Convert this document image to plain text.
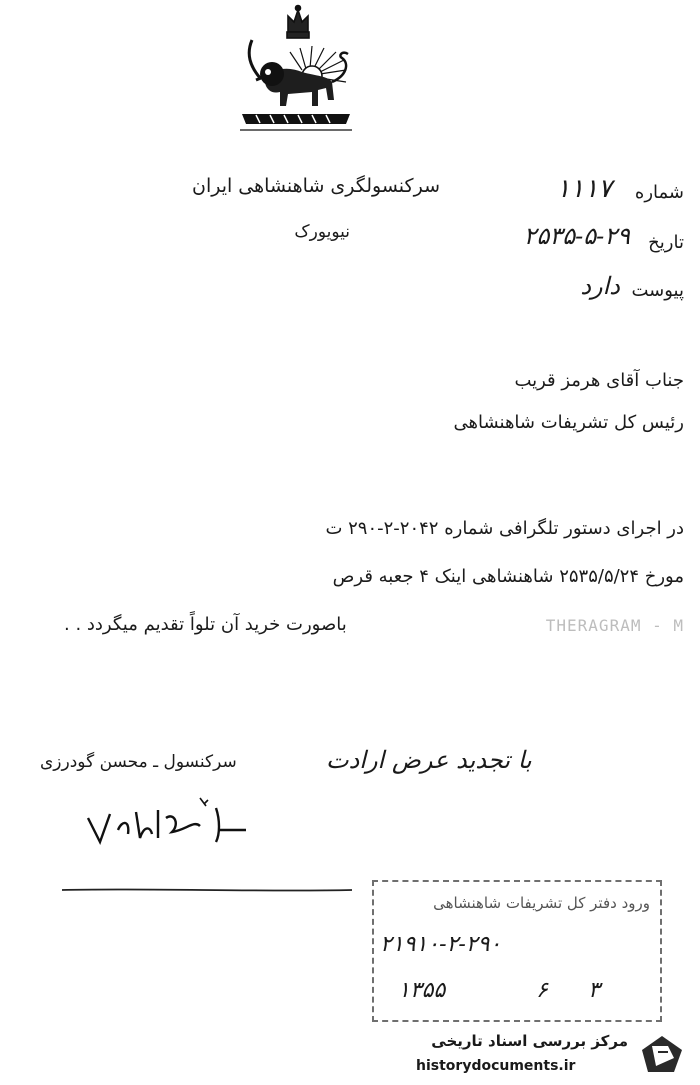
سرکنسولگری شاهنشاهی ایران
نیویورک
شماره
۱۱۱۷
تاریخ
۲۵۳۵-۵-۲۹
پیوست
دارد
جناب آقای هرمز قریب
رئیس کل تشریفات شاهنشاهی
در اجرای دستور تلگرافی شماره ۲۰۴۲-۲-۲۹۰ ت
مورخ ۲۵۳۵/۵/۲۴ شاهنشاهی اینک ۴ جعبه قرص
باصورت خرید آن تلواً تقدیم میگردد . .	THERAGRAM - M
سرکنسول ـ محسن گودرزی	با تجدید عرض ارادت
ورود دفتر کل تشریفات شاهنشاهی
۲۱۹۱۰-۲-۲۹۰
۱۳۵۵	۶ ۳
مرکز بررسی اسناد تاریخی
historydocuments.ir
